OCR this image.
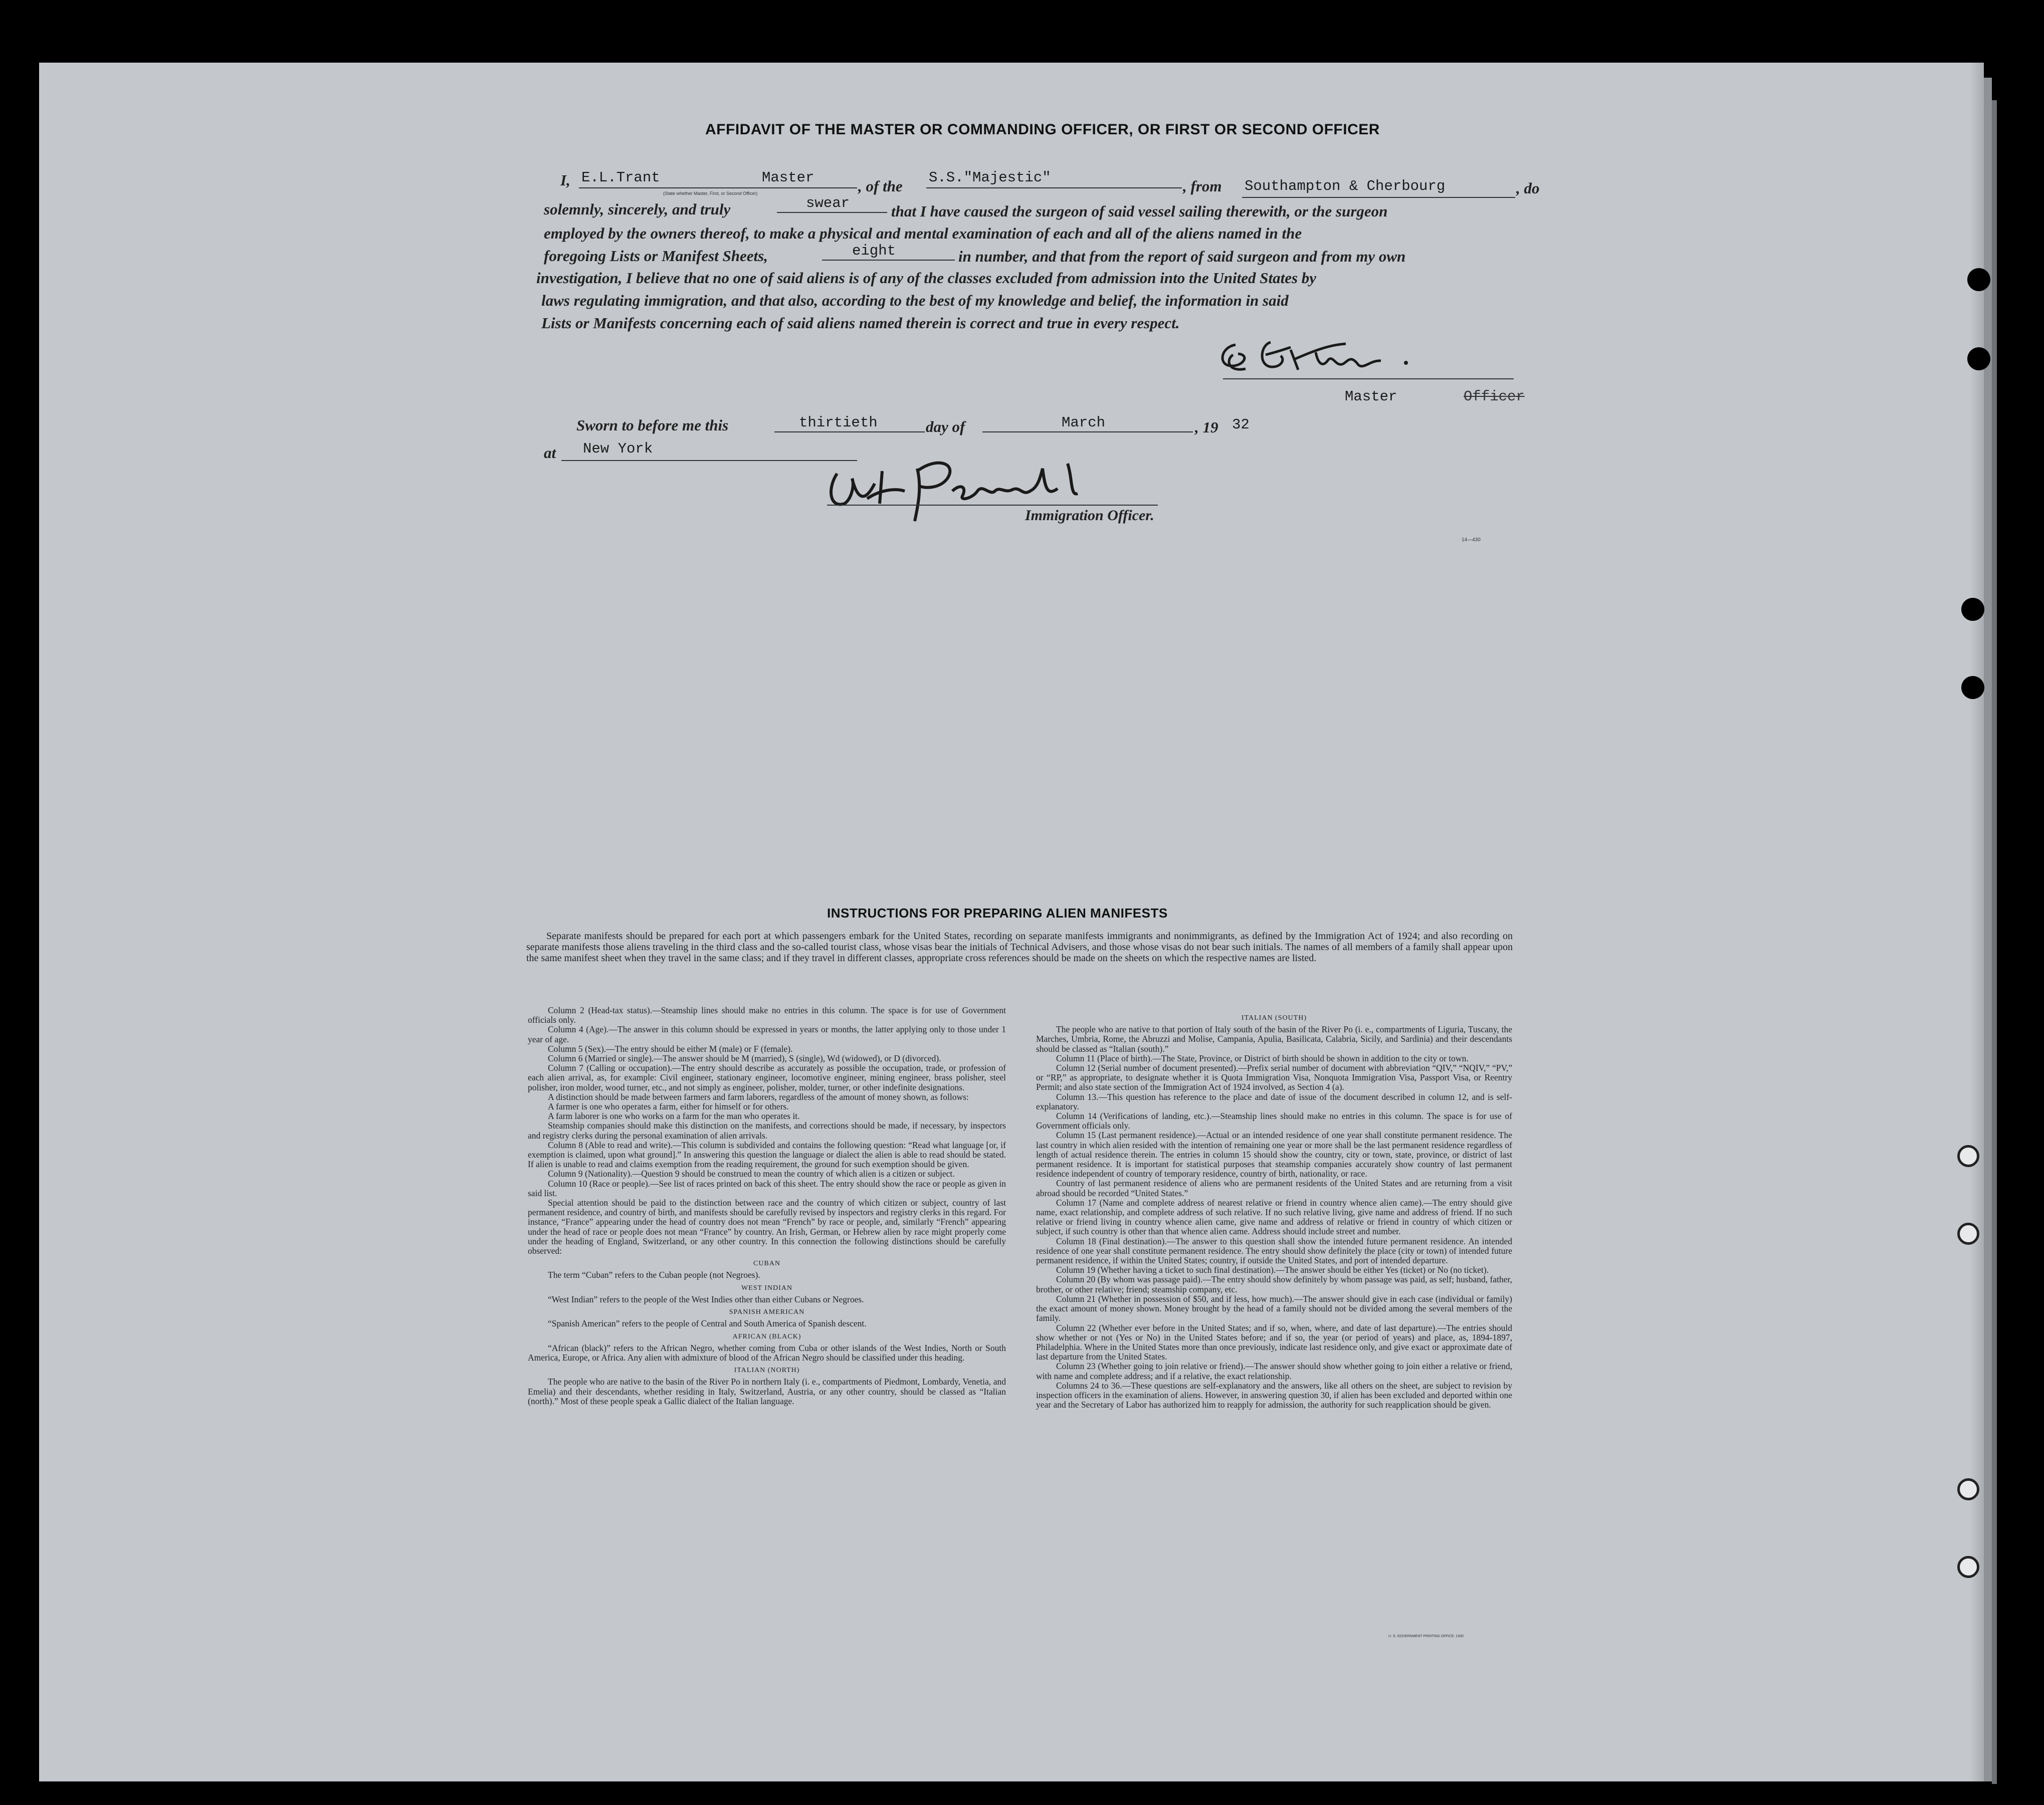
AFFIDAVIT OF THE MASTER OR COMMANDING OFFICER, OR FIRST OR SECOND OFFICER
I, E.L.Trant	Master
(State whether Master, First, or Second Officer)	, of the S.S."Majestic"	, from Southampton & Cherbourg	, do
solemnly, sincerely, and truly	swear	that I have caused the surgeon of said vessel sailing therewith, or the surgeon
employed by the owners thereof, to make a physical and mental examination of each and all of the aliens named in the
foregoing Lists or Manifest Sheets,	eight	in number, and that from the report of said surgeon and from my own
investigation, I believe that no one of said aliens is of any of the classes excluded from admission into the United States by
laws regulating immigration, and that also, according to the best of my knowledge and belief, the information in said
Lists or Manifests concerning each of said aliens named therein is correct and true in every respect.
Master	Officer
Sworn to before me this	thirtieth	day of	March	, 19 32
at New York
Immigration Officer.
14—430
INSTRUCTIONS FOR PREPARING ALIEN MANIFESTS
Separate manifests should be prepared for each port at which passengers embark for the United States, recording on separate manifests immigrants and nonimmigrants, as defined by the Immigration Act of 1924; and also recording on separate manifests those aliens traveling in the third class and the so-called tourist class, whose visas bear the initials of Technical Advisers, and those whose visas do not bear such initials. The names of all members of a family shall appear upon the same manifest sheet when they travel in the same class; and if they travel in different classes, appropriate cross references should be made on the sheets on which the respective names are listed.

Column 2 (Head-tax status).—Steamship lines should make no entries in this column. The space is for use of Government officials only.

Column 4 (Age).—The answer in this column should be expressed in years or months, the latter applying only to those under 1 year of age.

Column 5 (Sex).—The entry should be either M (male) or F (female).

Column 6 (Married or single).—The answer should be M (married), S (single), Wd (widowed), or D (divorced).

Column 7 (Calling or occupation).—The entry should describe as accurately as possible the occupation, trade, or profession of each alien arrival, as, for example: Civil engineer, stationary engineer, locomotive engineer, mining engineer, brass polisher, steel polisher, iron molder, wood turner, etc., and not simply as engineer, polisher, molder, turner, or other indefinite designations.

A distinction should be made between farmers and farm laborers, regardless of the amount of money shown, as follows:

A farmer is one who operates a farm, either for himself or for others.

A farm laborer is one who works on a farm for the man who operates it.

Steamship companies should make this distinction on the manifests, and corrections should be made, if necessary, by inspectors and registry clerks during the personal examination of alien arrivals.

Column 8 (Able to read and write).—This column is subdivided and contains the following question: “Read what language [or, if exemption is claimed, upon what ground].” In answering this question the language or dialect the alien is able to read should be stated. If alien is unable to read and claims exemption from the reading requirement, the ground for such exemption should be given.

Column 9 (Nationality).—Question 9 should be construed to mean the country of which alien is a citizen or subject.

Column 10 (Race or people).—See list of races printed on back of this sheet. The entry should show the race or people as given in said list.

Special attention should be paid to the distinction between race and the country of which citizen or subject, country of last permanent residence, and country of birth, and manifests should be carefully revised by inspectors and registry clerks in this regard. For instance, “France” appearing under the head of country does not mean “French” by race or people, and, similarly “French” appearing under the head of race or people does not mean “France” by country. An Irish, German, or Hebrew alien by race might properly come under the heading of England, Switzerland, or any other country. In this connection the following distinctions should be carefully observed:

CUBAN

The term “Cuban” refers to the Cuban people (not Negroes).

WEST INDIAN

“West Indian” refers to the people of the West Indies other than either Cubans or Negroes.

SPANISH AMERICAN

“Spanish American” refers to the people of Central and South America of Spanish descent.

AFRICAN (BLACK)

“African (black)” refers to the African Negro, whether coming from Cuba or other islands of the West Indies, North or South America, Europe, or Africa. Any alien with admixture of blood of the African Negro should be classified under this heading.

ITALIAN (NORTH)

The people who are native to the basin of the River Po in northern Italy (i. e., compartments of Piedmont, Lombardy, Venetia, and Emelia) and their descendants, whether residing in Italy, Switzerland, Austria, or any other country, should be classed as “Italian (north).” Most of these people speak a Gallic dialect of the Italian language.

ITALIAN (SOUTH)

The people who are native to that portion of Italy south of the basin of the River Po (i. e., compartments of Liguria, Tuscany, the Marches, Umbria, Rome, the Abruzzi and Molise, Campania, Apulia, Basilicata, Calabria, Sicily, and Sardinia) and their descendants should be classed as “Italian (south).”

Column 11 (Place of birth).—The State, Province, or District of birth should be shown in addition to the city or town.

Column 12 (Serial number of document presented).—Prefix serial number of document with abbreviation “QIV,” “NQIV,” “PV,” or “RP,” as appropriate, to designate whether it is Quota Immigration Visa, Nonquota Immigration Visa, Passport Visa, or Reentry Permit; and also state section of the Immigration Act of 1924 involved, as Section 4 (a).

Column 13.—This question has reference to the place and date of issue of the document described in column 12, and is self-explanatory.

Column 14 (Verifications of landing, etc.).—Steamship lines should make no entries in this column. The space is for use of Government officials only.

Column 15 (Last permanent residence).—Actual or an intended residence of one year shall constitute permanent residence. The last country in which alien resided with the intention of remaining one year or more shall be the last permanent residence regardless of length of actual residence therein. The entries in column 15 should show the country, city or town, state, province, or district of last permanent residence. It is important for statistical purposes that steamship companies accurately show country of last permanent residence independent of country of temporary residence, country of birth, nationality, or race.

Country of last permanent residence of aliens who are permanent residents of the United States and are returning from a visit abroad should be recorded “United States.”

Column 17 (Name and complete address of nearest relative or friend in country whence alien came).—The entry should give name, exact relationship, and complete address of such relative. If no such relative living, give name and address of friend. If no such relative or friend living in country whence alien came, give name and address of relative or friend in country of which citizen or subject, if such country is other than that whence alien came. Address should include street and number.

Column 18 (Final destination).—The answer to this question shall show the intended future permanent residence. An intended residence of one year shall constitute permanent residence. The entry should show definitely the place (city or town) of intended future permanent residence, if within the United States; country, if outside the United States, and port of intended departure.

Column 19 (Whether having a ticket to such final destination).—The answer should be either Yes (ticket) or No (no ticket).

Column 20 (By whom was passage paid).—The entry should show definitely by whom passage was paid, as self; husband, father, brother, or other relative; friend; steamship company, etc.

Column 21 (Whether in possession of $50, and if less, how much).—The answer should give in each case (individual or family) the exact amount of money shown. Money brought by the head of a family should not be divided among the several members of the family.

Column 22 (Whether ever before in the United States; and if so, when, where, and date of last departure).—The entries should show whether or not (Yes or No) in the United States before; and if so, the year (or period of years) and place, as, 1894-1897, Philadelphia. Where in the United States more than once previously, indicate last residence only, and give exact or approximate date of last departure from the United States.

Column 23 (Whether going to join relative or friend).—The answer should show whether going to join either a relative or friend, with name and complete address; and if a relative, the exact relationship.

Columns 24 to 36.—These questions are self-explanatory and the answers, like all others on the sheet, are subject to revision by inspection officers in the examination of aliens. However, in answering question 30, if alien has been excluded and deported within one year and the Secretary of Labor has authorized him to reapply for admission, the authority for such reapplication should be given.

U. S. GOVERNMENT PRINTING OFFICE: 1930
